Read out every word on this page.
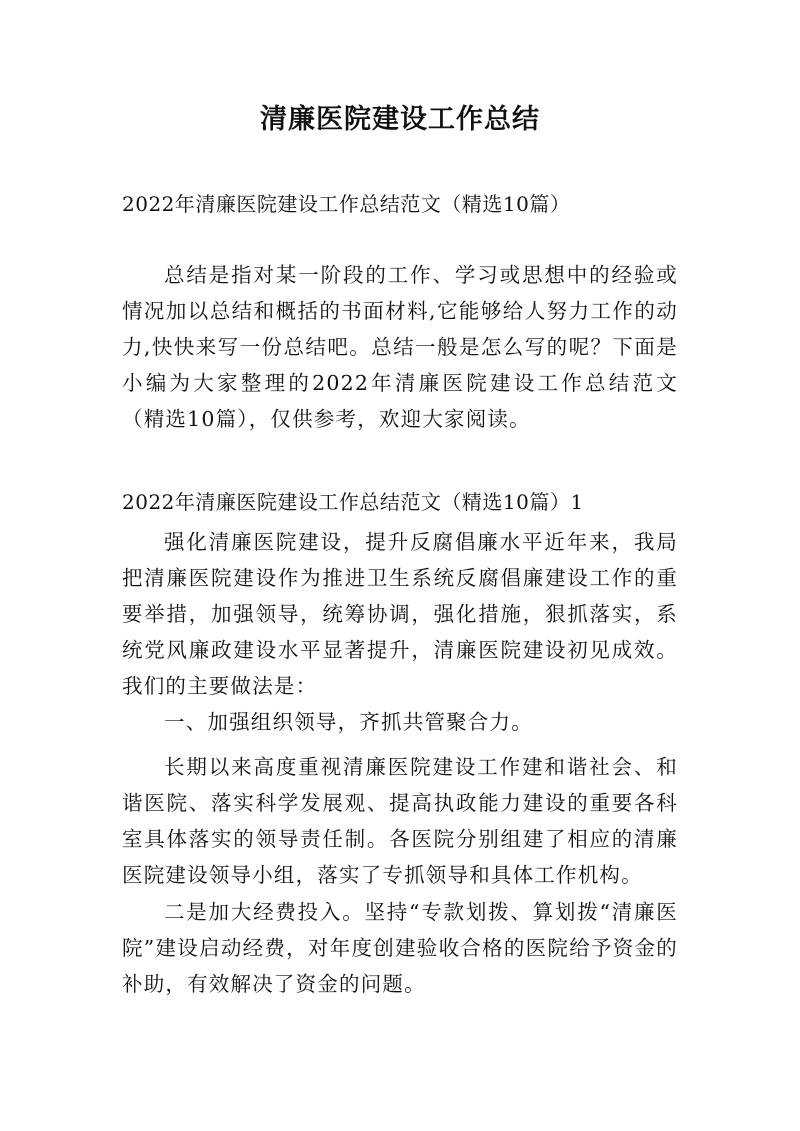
清廉医院建设工作总结
2022年清廉医院建设工作总结范文（精选10篇）
总结是指对某一阶段的工作、学习或思想中的经验或情况加以总结和概括的书面材料,它能够给人努力工作的动力,快快来写一份总结吧。总结一般是怎么写的呢？下面是小编为大家整理的2022年清廉医院建设工作总结范文（精选10篇），仅供参考，欢迎大家阅读。
2022年清廉医院建设工作总结范文（精选10篇）1
强化清廉医院建设，提升反腐倡廉水平近年来，我局把清廉医院建设作为推进卫生系统反腐倡廉建设工作的重要举措，加强领导，统筹协调，强化措施，狠抓落实，系统党风廉政建设水平显著提升，清廉医院建设初见成效。我们的主要做法是：
一、加强组织领导，齐抓共管聚合力。
长期以来高度重视清廉医院建设工作建和谐社会、和谐医院、落实科学发展观、提高执政能力建设的重要各科室具体落实的领导责任制。各医院分别组建了相应的清廉医院建设领导小组，落实了专抓领导和具体工作机构。
二是加大经费投入。坚持“专款划拨、算划拨“清廉医院”建设启动经费，对年度创建验收合格的医院给予资金的补助，有效解决了资金的问题。
